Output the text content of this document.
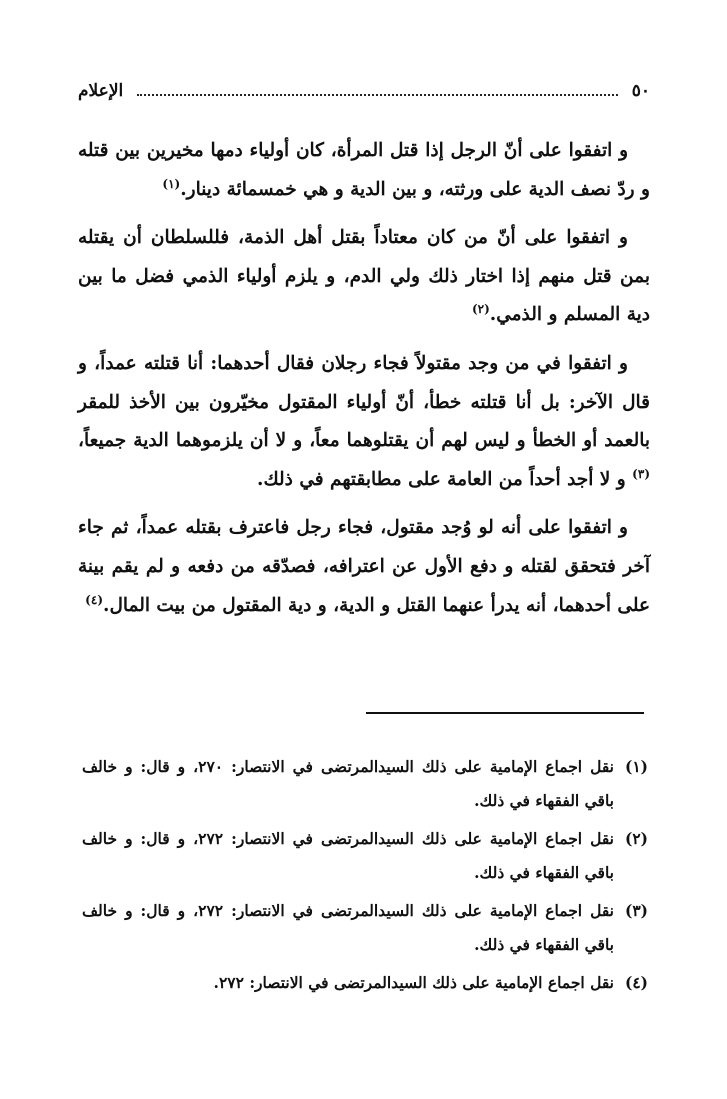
٥٠
الإعلام

و اتفقوا على أنّ الرجل إذا قتل المرأة، كان أولياء دمها مخيرين بين قتله و ردّ نصف الدية على ورثته، و بين الدية و هي خمسمائة دينار.$^{(١)}$

و اتفقوا على أنّ من كان معتاداً بقتل أهل الذمة، فللسلطان أن يقتله بمن قتل منهم إذا اختار ذلك ولي الدم، و يلزم أولياء الذمي فضل ما بين دية المسلم و الذمي.$^{(٢)}$

و اتفقوا في من وجد مقتولاً فجاء رجلان فقال أحدهما: أنا قتلته عمداً، و قال الآخر: بل أنا قتلته خطأ، أنّ أولياء المقتول مخيّرون بين الأخذ للمقر بالعمد أو الخطأ و ليس لهم أن يقتلوهما معاً، و لا أن يلزموهما الدية جميعاً،$^{(٣)}$ و لا أجد أحداً من العامة على مطابقتهم في ذلك.

و اتفقوا على أنه لو وُجد مقتول، فجاء رجل فاعترف بقتله عمداً، ثم جاء آخر فتحقق لقتله و دفع الأول عن اعترافه، فصدّقه من دفعه و لم يقم بينة على أحدهما، أنه يدرأ عنهما القتل و الدية، و دية المقتول من بيت المال.$^{(٤)}$

(١)
نقل اجماع الإمامية على ذلك السيدالمرتضى في الانتصار: ٢٧٠، و قال: و خالف باقي الفقهاء في ذلك.
(٢)
نقل اجماع الإمامية على ذلك السيدالمرتضى في الانتصار: ٢٧٢، و قال: و خالف باقي الفقهاء في ذلك.
(٣)
نقل اجماع الإمامية على ذلك السيدالمرتضى في الانتصار: ٢٧٢، و قال: و خالف باقي الفقهاء في ذلك.
(٤)
نقل اجماع الإمامية على ذلك السيدالمرتضى في الانتصار: ٢٧٢.
